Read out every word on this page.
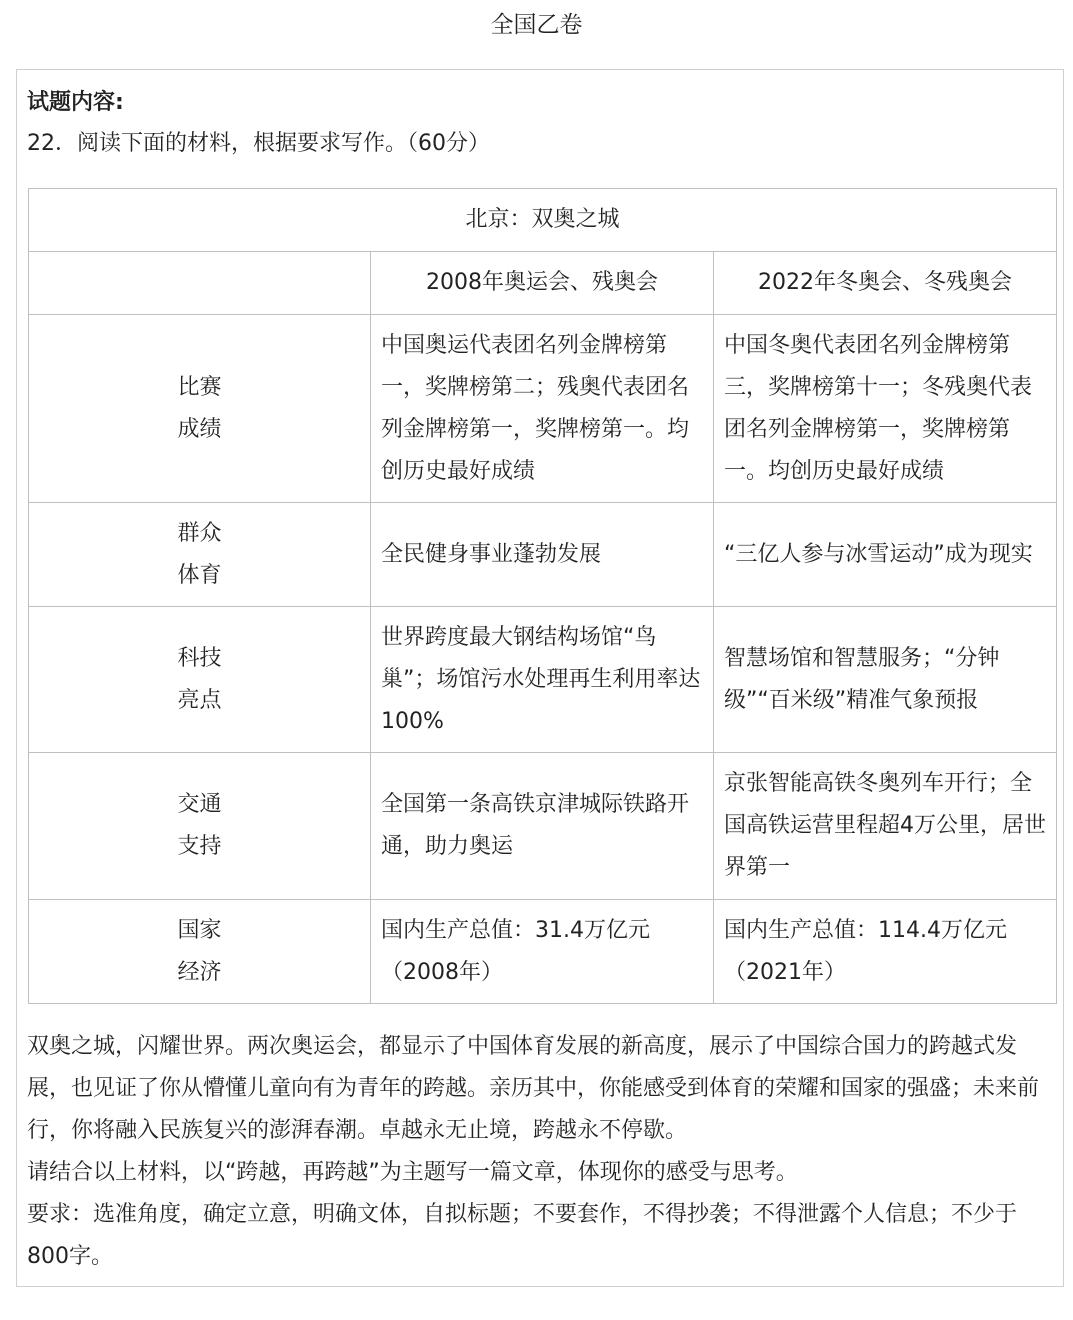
全国乙卷
试题内容:
22．阅读下面的材料，根据要求写作。（60分）
北京：双奥之城		
	2008年奥运会、残奥会	2022年冬奥会、冬残奥会

比赛
成绩	中国奥运代表团名列金牌榜第一，奖牌榜第二；残奥代表团名列金牌榜第一，奖牌榜第一。均创历史最好成绩	中国冬奥代表团名列金牌榜第三，奖牌榜第十一；冬残奥代表团名列金牌榜第一，奖牌榜第一。均创历史最好成绩

群众
体育	全民健身事业蓬勃发展	“三亿人参与冰雪运动”成为现实

科技
亮点	世界跨度最大钢结构场馆“鸟巢”；场馆污水处理再生利用率达100%	智慧场馆和智慧服务；“分钟级”“百米级”精准气象预报

交通
支持	全国第一条高铁京津城际铁路开通，助力奥运	京张智能高铁冬奥列车开行；全国高铁运营里程超4万公里，居世界第一

国家
经济	国内生产总值：31.4万亿元（2008年）	国内生产总值：114.4万亿元（2021年）

双奥之城，闪耀世界。两次奥运会，都显示了中国体育发展的新高度，展示了中国综合国力的跨越式发展，也见证了你从懵懂儿童向有为青年的跨越。亲历其中，你能感受到体育的荣耀和国家的强盛；未来前行，你将融入民族复兴的澎湃春潮。卓越永无止境，跨越永不停歇。

请结合以上材料，以“跨越，再跨越”为主题写一篇文章，体现你的感受与思考。

要求：选准角度，确定立意，明确文体，自拟标题；不要套作，不得抄袭；不得泄露个人信息；不少于800字。
